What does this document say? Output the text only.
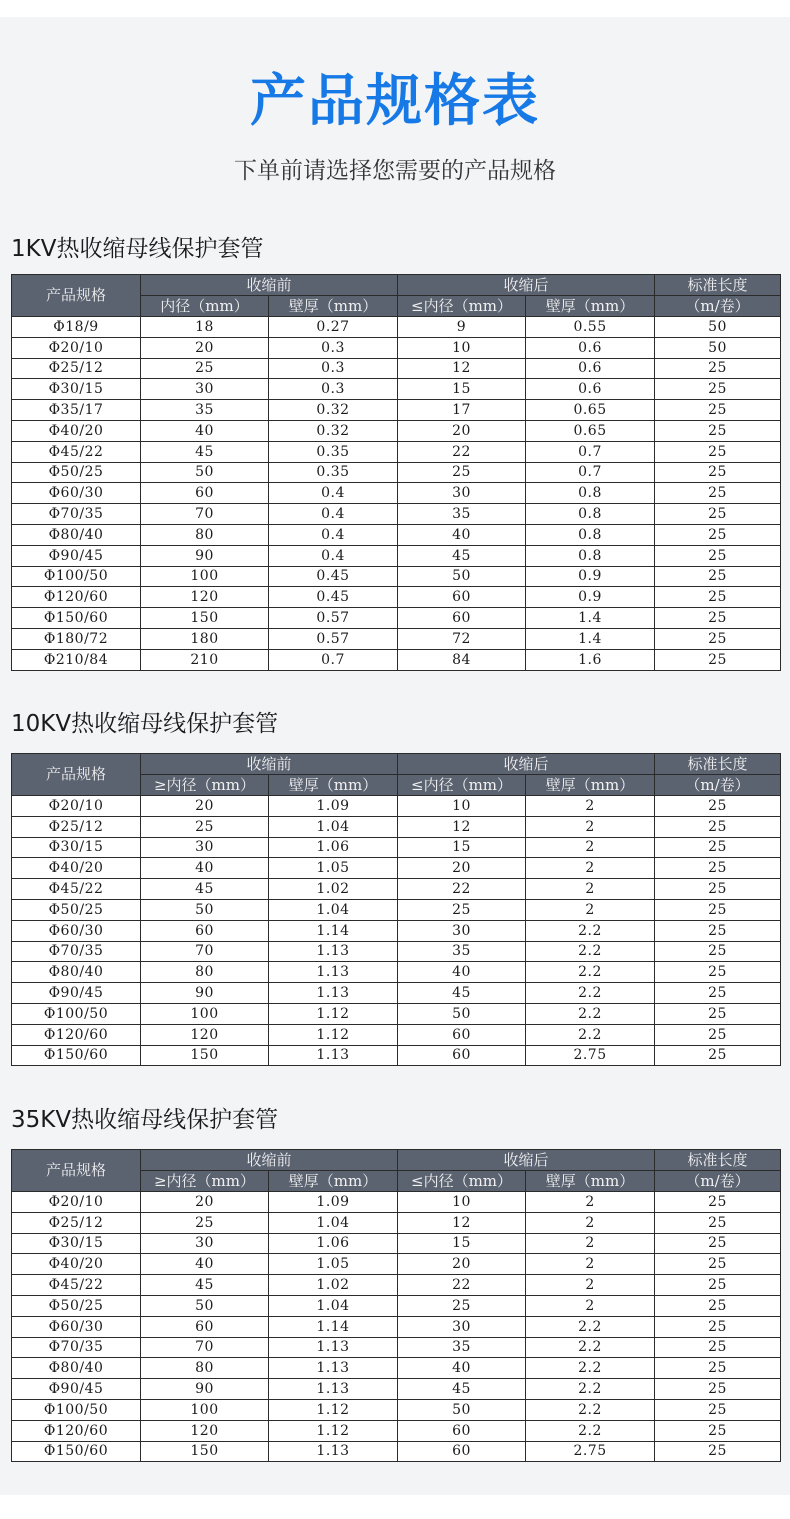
产品规格表
下单前请选择您需要的产品规格
1KV热收缩母线保护套管
产品规格	收缩前		收缩后		标准长度
	内径（mm）	壁厚（mm）	≤内径（mm）	壁厚（mm）	（m/卷）
Φ18/9	18	0.27	9	0.55	50
Φ20/10	20	0.3	10	0.6	50
Φ25/12	25	0.3	12	0.6	25
Φ30/15	30	0.3	15	0.6	25
Φ35/17	35	0.32	17	0.65	25
Φ40/20	40	0.32	20	0.65	25
Φ45/22	45	0.35	22	0.7	25
Φ50/25	50	0.35	25	0.7	25
Φ60/30	60	0.4	30	0.8	25
Φ70/35	70	0.4	35	0.8	25
Φ80/40	80	0.4	40	0.8	25
Φ90/45	90	0.4	45	0.8	25
Φ100/50	100	0.45	50	0.9	25
Φ120/60	120	0.45	60	0.9	25
Φ150/60	150	0.57	60	1.4	25
Φ180/72	180	0.57	72	1.4	25
Φ210/84	210	0.7	84	1.6	25
10KV热收缩母线保护套管
产品规格	收缩前		收缩后		标准长度
	≥内径（mm）	壁厚（mm）	≤内径（mm）	壁厚（mm）	（m/卷）
Φ20/10	20	1.09	10	2	25
Φ25/12	25	1.04	12	2	25
Φ30/15	30	1.06	15	2	25
Φ40/20	40	1.05	20	2	25
Φ45/22	45	1.02	22	2	25
Φ50/25	50	1.04	25	2	25
Φ60/30	60	1.14	30	2.2	25
Φ70/35	70	1.13	35	2.2	25
Φ80/40	80	1.13	40	2.2	25
Φ90/45	90	1.13	45	2.2	25
Φ100/50	100	1.12	50	2.2	25
Φ120/60	120	1.12	60	2.2	25
Φ150/60	150	1.13	60	2.75	25
35KV热收缩母线保护套管
产品规格	收缩前		收缩后		标准长度
	≥内径（mm）	壁厚（mm）	≤内径（mm）	壁厚（mm）	（m/卷）
Φ20/10	20	1.09	10	2	25
Φ25/12	25	1.04	12	2	25
Φ30/15	30	1.06	15	2	25
Φ40/20	40	1.05	20	2	25
Φ45/22	45	1.02	22	2	25
Φ50/25	50	1.04	25	2	25
Φ60/30	60	1.14	30	2.2	25
Φ70/35	70	1.13	35	2.2	25
Φ80/40	80	1.13	40	2.2	25
Φ90/45	90	1.13	45	2.2	25
Φ100/50	100	1.12	50	2.2	25
Φ120/60	120	1.12	60	2.2	25
Φ150/60	150	1.13	60	2.75	25
